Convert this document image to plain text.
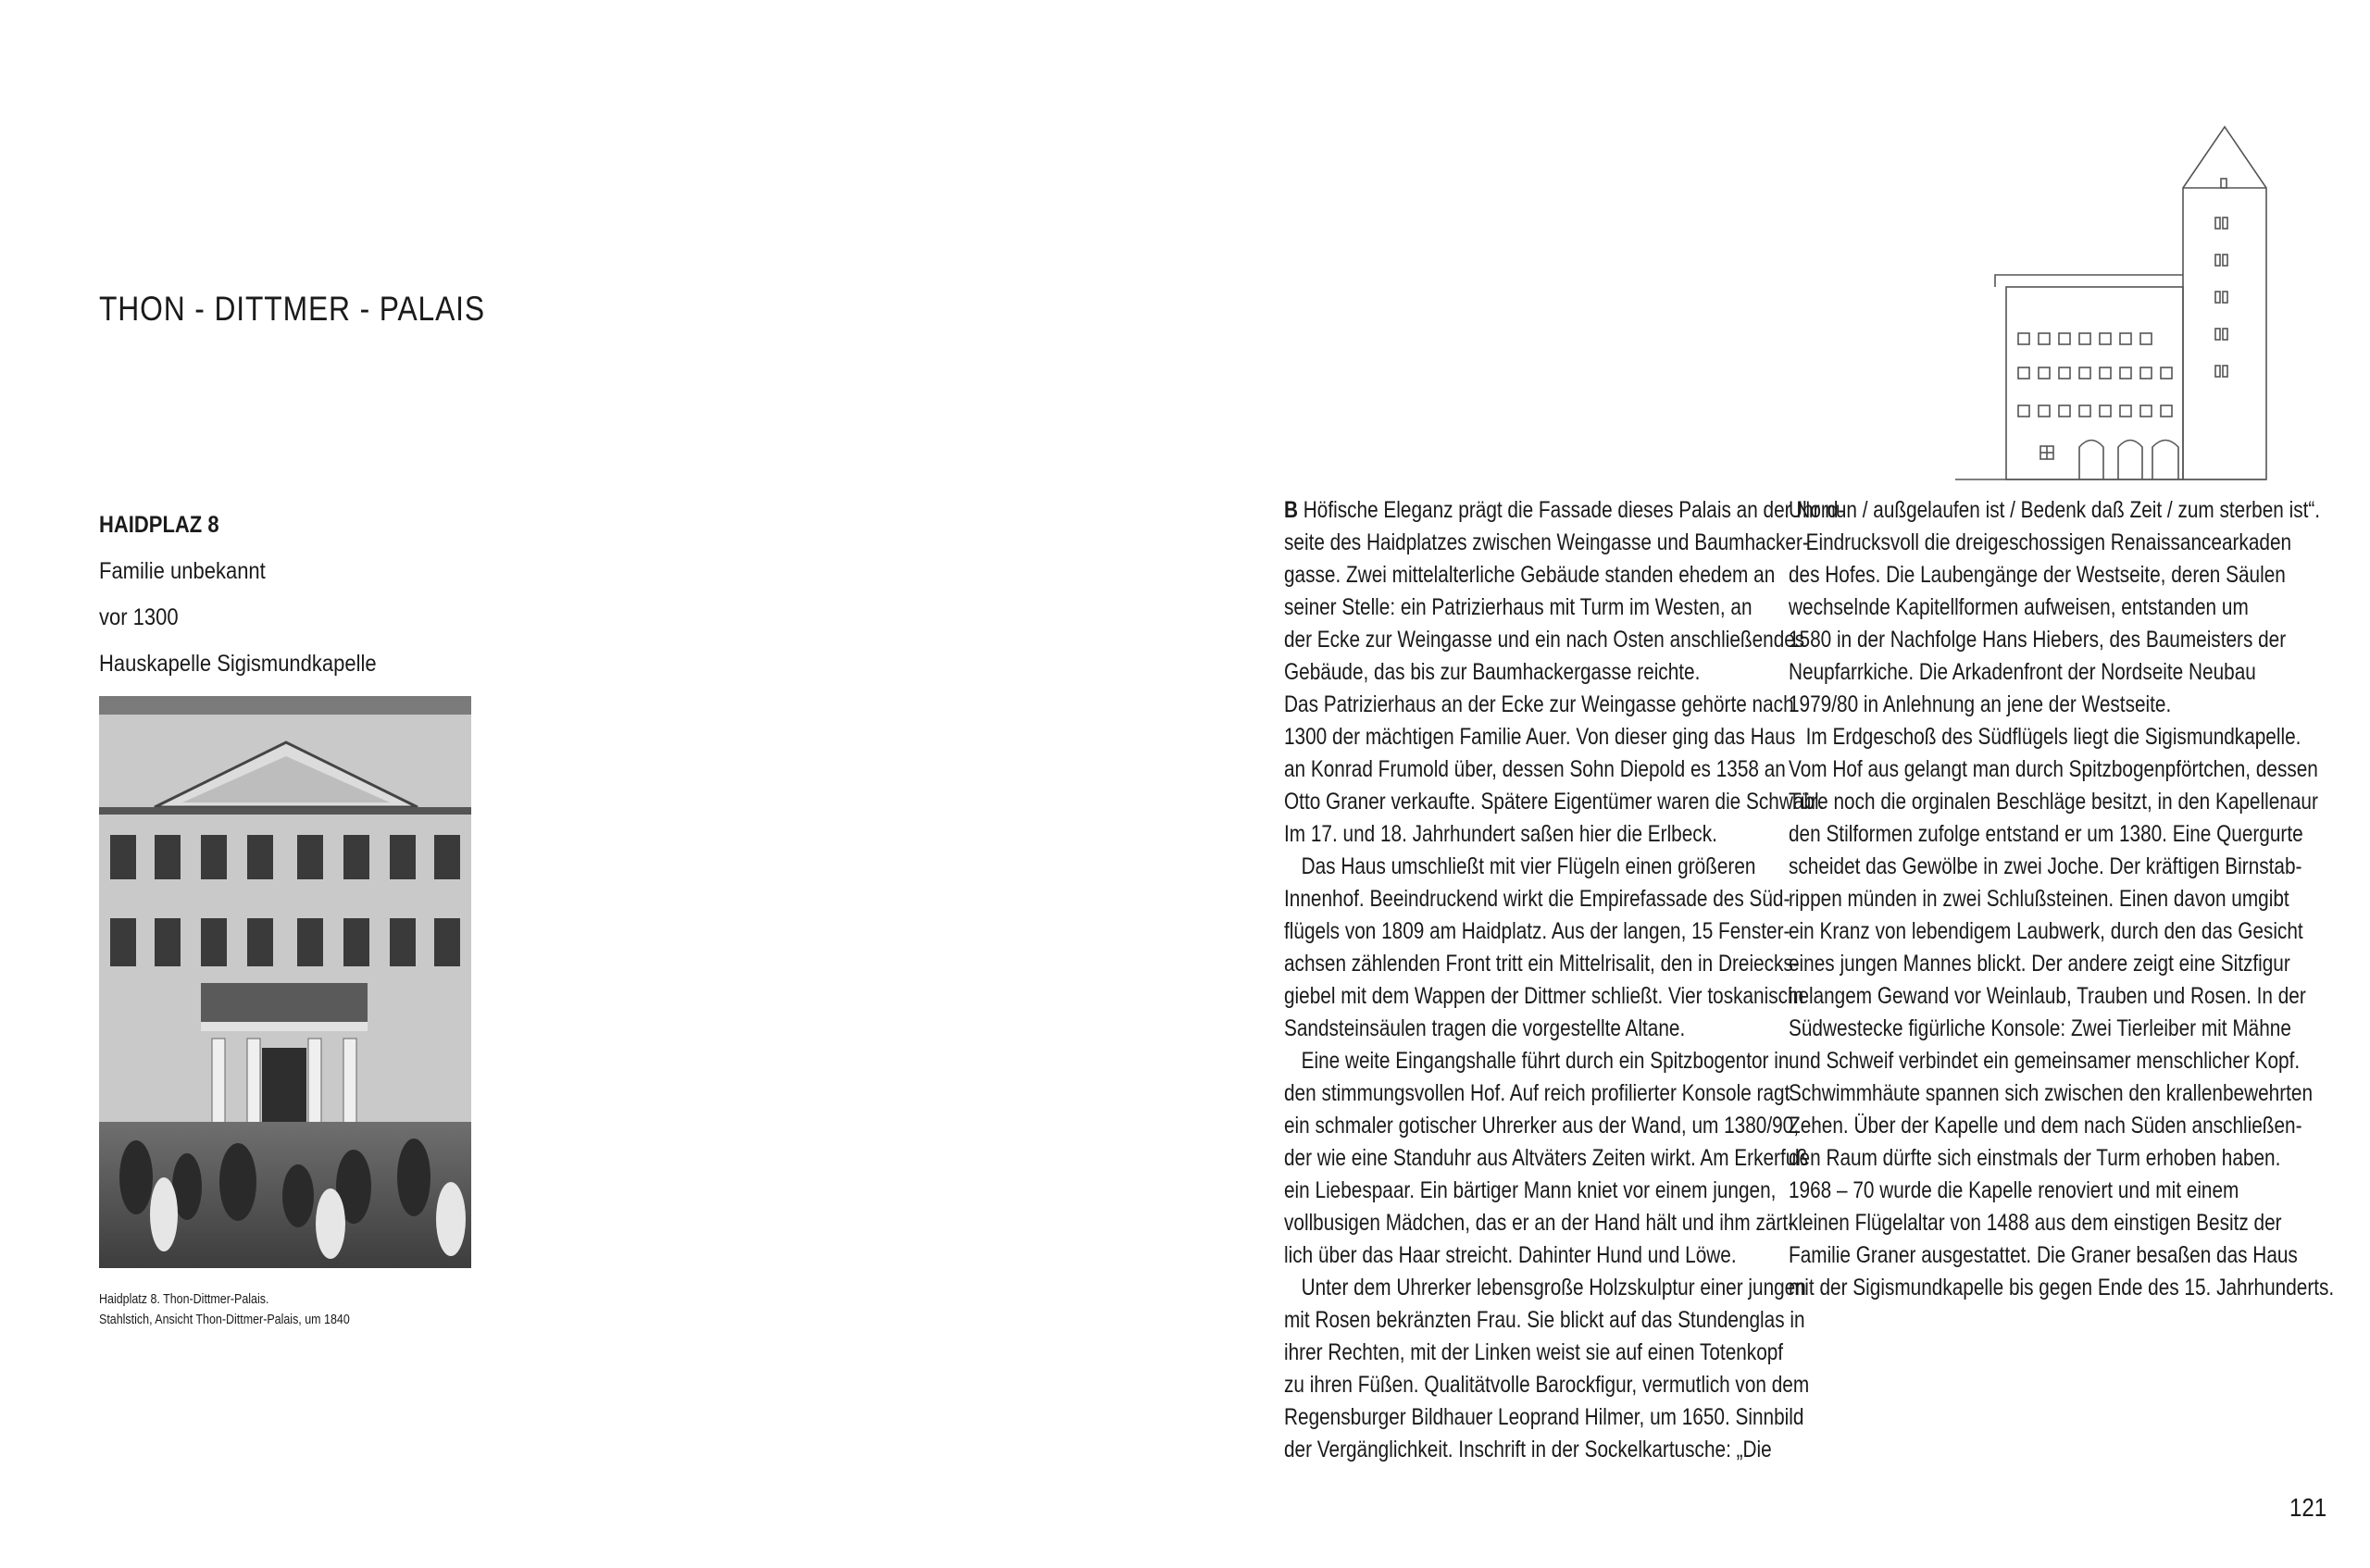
THON - DITTMER - PALAIS
HAIDPLAZ 8
Familie unbekannt
vor 1300
Hauskapelle Sigismundkapelle
Haidplatz 8. Thon-Dittmer-Palais.
Stahlstich, Ansicht Thon-Dittmer-Palais, um 1840

B Höfische Eleganz prägt die Fassade dieses Palais an der Nord-

seite des Haidplatzes zwischen Weingasse und Baumhacker-

gasse. Zwei mittelalterliche Gebäude standen ehedem an

seiner Stelle: ein Patrizierhaus mit Turm im Westen, an

der Ecke zur Weingasse und ein nach Osten anschließendes

Gebäude, das bis zur Baumhackergasse reichte.

Das Patrizierhaus an der Ecke zur Weingasse gehörte nach

1300 der mächtigen Familie Auer. Von dieser ging das Haus

an Konrad Frumold über, dessen Sohn Diepold es 1358 an

Otto Graner verkaufte. Spätere Eigentümer waren die Schwäbl.

Im 17. und 18. Jahrhundert saßen hier die Erlbeck.

Das Haus umschließt mit vier Flügeln einen größeren

Innenhof. Beeindruckend wirkt die Empirefassade des Süd-

flügels von 1809 am Haidplatz. Aus der langen, 15 Fenster-

achsen zählenden Front tritt ein Mittelrisalit, den in Dreiecks-

giebel mit dem Wappen der Dittmer schließt. Vier toskanische

Sandsteinsäulen tragen die vorgestellte Altane.

Eine weite Eingangshalle führt durch ein Spitzbogentor in

den stimmungsvollen Hof. Auf reich profilierter Konsole ragt

ein schmaler gotischer Uhrerker aus der Wand, um 1380/90,

der wie eine Standuhr aus Altväters Zeiten wirkt. Am Erkerfuß

ein Liebespaar. Ein bärtiger Mann kniet vor einem jungen,

vollbusigen Mädchen, das er an der Hand hält und ihm zärt-

lich über das Haar streicht. Dahinter Hund und Löwe.

Unter dem Uhrerker lebensgroße Holzskulptur einer jungen

mit Rosen bekränzten Frau. Sie blickt auf das Stundenglas in

ihrer Rechten, mit der Linken weist sie auf einen Totenkopf

zu ihren Füßen. Qualitätvolle Barockfigur, vermutlich von dem

Regensburger Bildhauer Leoprand Hilmer, um 1650. Sinnbild

der Vergänglichkeit. Inschrift in der Sockelkartusche: „Die

Uhr nun / außgelaufen ist / Bedenk daß Zeit / zum sterben ist“.

Eindrucksvoll die dreigeschossigen Renaissancearkaden

des Hofes. Die Laubengänge der Westseite, deren Säulen

wechselnde Kapitellformen aufweisen, entstanden um

1580 in der Nachfolge Hans Hiebers, des Baumeisters der

Neupfarrkiche. Die Arkadenfront der Nordseite Neubau

1979/80 in Anlehnung an jene der Westseite.

Im Erdgeschoß des Südflügels liegt die Sigismundkapelle.

Vom Hof aus gelangt man durch Spitzbogenpförtchen, dessen

Türe noch die orginalen Beschläge besitzt, in den Kapellenaur

den Stilformen zufolge entstand er um 1380. Eine Quergurte

scheidet das Gewölbe in zwei Joche. Der kräftigen Birnstab-

rippen münden in zwei Schlußsteinen. Einen davon umgibt

ein Kranz von lebendigem Laubwerk, durch den das Gesicht

eines jungen Mannes blickt. Der andere zeigt eine Sitzfigur

in langem Gewand vor Weinlaub, Trauben und Rosen. In der

Südwestecke figürliche Konsole: Zwei Tierleiber mit Mähne

und Schweif verbindet ein gemeinsamer menschlicher Kopf.

Schwimmhäute spannen sich zwischen den krallenbewehrten

Zehen. Über der Kapelle und dem nach Süden anschließen-

den Raum dürfte sich einstmals der Turm erhoben haben.

1968 – 70 wurde die Kapelle renoviert und mit einem

kleinen Flügelaltar von 1488 aus dem einstigen Besitz der

Familie Graner ausgestattet. Die Graner besaßen das Haus

mit der Sigismundkapelle bis gegen Ende des 15. Jahrhunderts.

121
